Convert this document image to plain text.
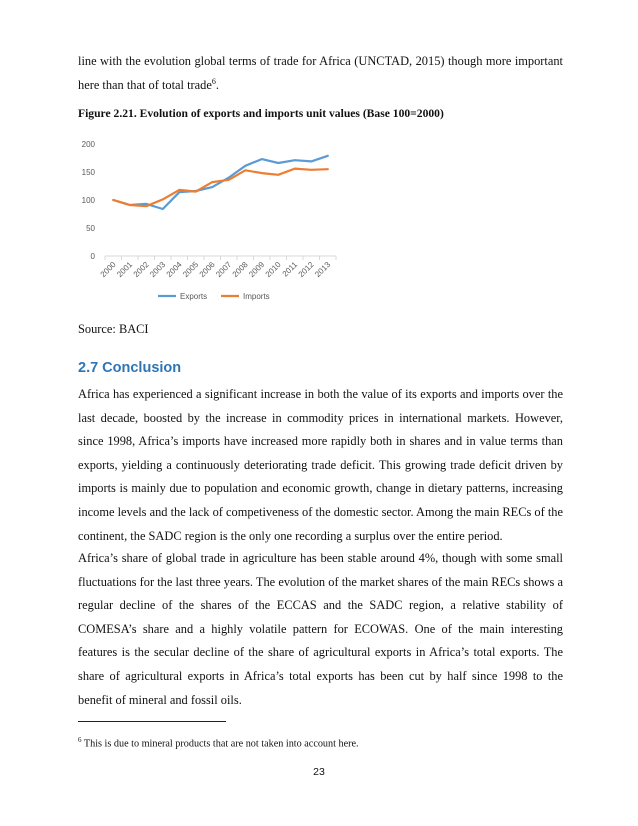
line with the evolution global terms of trade for Africa (UNCTAD, 2015) though more important here than that of total trade$^6$.

Figure 2.21. Evolution of exports and imports unit values (Base 100=2000)

0
50
100
150
200
2000
2001
2002
2003
2004
2005
2006
2007
2008
2009
2010
2011
2012
2013
Exports	Imports

Source: BACI

2.7 Conclusion

Africa has experienced a significant increase in both the value of its exports and imports over the last decade, boosted by the increase in commodity prices in international markets. However, since 1998, Africa’s imports have increased more rapidly both in shares and in value terms than exports, yielding a continuously deteriorating trade deficit. This growing trade deficit driven by imports is mainly due to population and economic growth, change in dietary patterns, increasing income levels and the lack of competiveness of the domestic sector. Among the main RECs of the continent, the SADC region is the only one recording a surplus over the entire period.

Africa’s share of global trade in agriculture has been stable around 4%, though with some small fluctuations for the last three years. The evolution of the market shares of the main RECs shows a regular decline of the shares of the ECCAS and the SADC region, a relative stability of COMESA’s share and a highly volatile pattern for ECOWAS. One of the main interesting features is the secular decline of the share of agricultural exports in Africa’s total exports. The share of agricultural exports in Africa’s total exports has been cut by half since 1998 to the benefit of mineral and fossil oils.

$^6$ This is due to mineral products that are not taken into account here.

23
